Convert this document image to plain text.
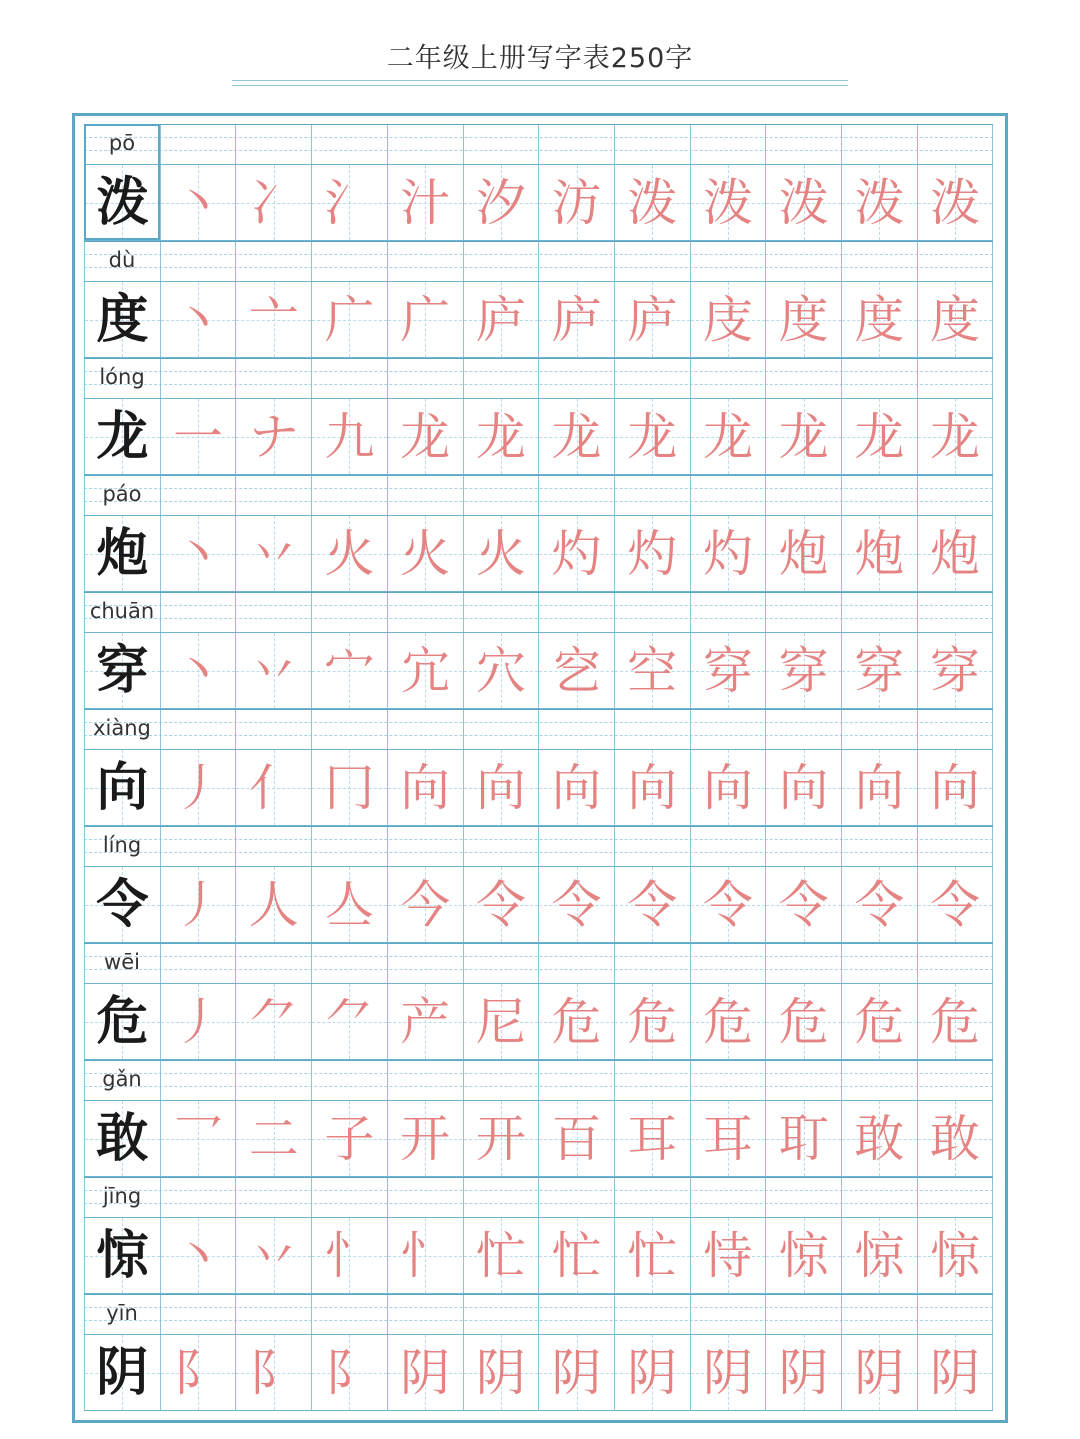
二年级上册写字表250字
pō
泼 丶 冫 氵 汁 汐 汸 泼 泼 泼 泼 泼
dù
度 丶 亠 广 广 庐 庐 庐 庋 度 度 度
lóng
龙 一 ナ 九 龙 龙 龙 龙 龙 龙 龙 龙
páo
炮 丶 丷 火 火 火 灼 灼 灼 炮 炮 炮
chuān
穿 丶 丷 宀 宂 穴 穵 空 穿 穿 穿 穿
xiàng
向 丿 亻 冂 向 向 向 向 向 向 向 向
líng
令 丿 人 亼 今 令 令 令 令 令 令 令
wēi
危 丿 ⺈ ⺈ 产 尼 危 危 危 危 危 危
gǎn
敢 乛 二 子 开 开 百 耳 耳 耵 敢 敢
jīng
惊 丶 丷 忄 忄 忙 忙 忙 恃 惊 惊 惊
yīn
阴 阝 阝 阝 阴 阴 阴 阴 阴 阴 阴 阴
